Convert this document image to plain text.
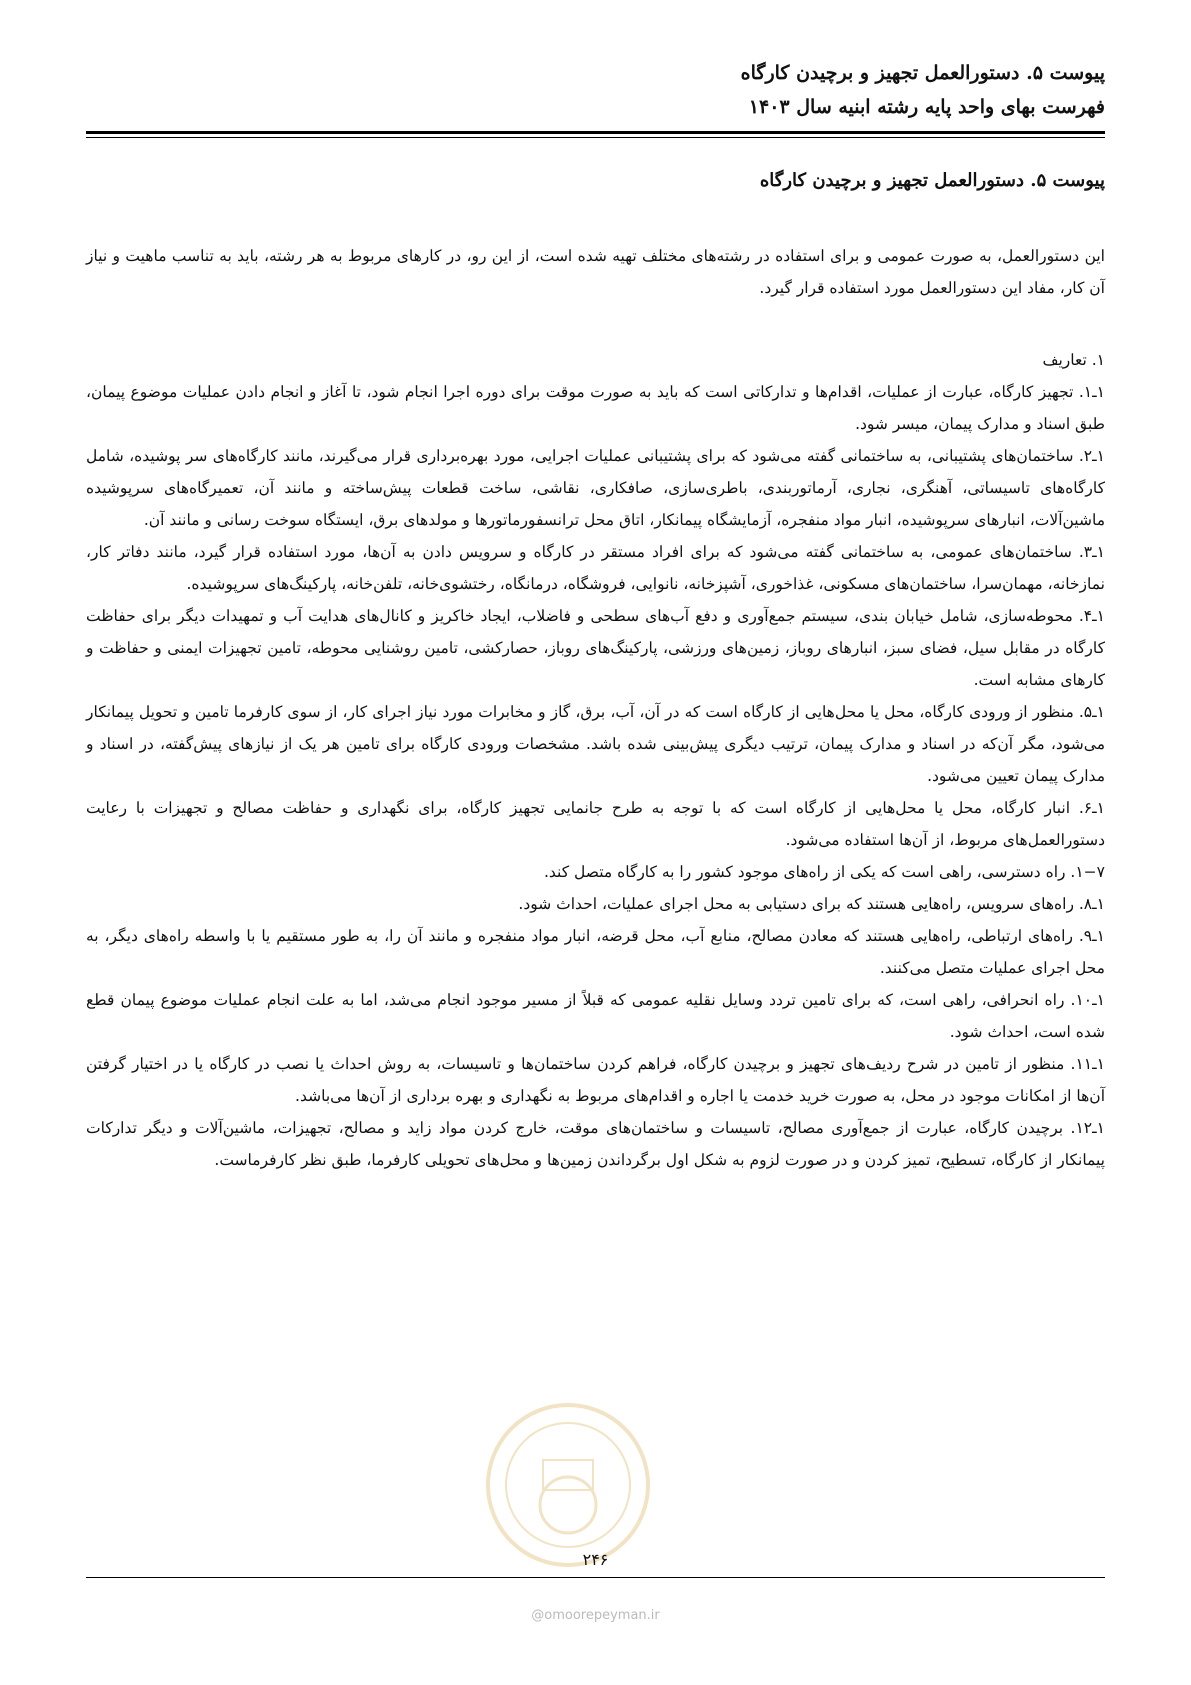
پیوست ۵. دستورالعمل تجهیز و برچیدن کارگاه
فهرست بهای واحد پایه رشته ابنیه سال ۱۴۰۳
پیوست ۵. دستورالعمل تجهیز و برچیدن کارگاه

این دستورالعمل، به صورت عمومی و برای استفاده در رشته‌های مختلف تهیه شده است، از این رو، در کارهای مربوط به هر رشته، باید به تناسب ماهیت و نیاز آن کار، مفاد این دستورالعمل مورد استفاده قرار گیرد.

۱. تعاریف

۱ـ۱. تجهیز کارگاه، عبارت از عملیات، اقدام‌ها و تدارکاتی است که باید به صورت موقت برای دوره اجرا انجام شود، تا آغاز و انجام دادن عملیات موضوع پیمان، طبق اسناد و مدارک پیمان، میسر شود.

۱ـ۲. ساختمان‌های پشتیبانی، به ساختمانی گفته می‌شود که برای پشتیبانی عملیات اجرایی، مورد بهره‌برداری قرار می‌گیرند، مانند کارگاه‌های سر پوشیده، شامل کارگاه‌های تاسیساتی، آهنگری، نجاری، آرماتوربندی، باطری‌سازی، صافکاری، نقاشی، ساخت قطعات پیش‌ساخته و مانند آن، تعمیرگاه‌های سرپوشیده ماشین‌آلات، انبارهای سرپوشیده، انبار مواد منفجره، آزمایشگاه پیمانکار، اتاق محل ترانسفورماتورها و مولدهای برق، ایستگاه سوخت رسانی و مانند آن.

۱ـ۳. ساختمان‌های عمومی، به ساختمانی گفته می‌شود که برای افراد مستقر در کارگاه و سرویس دادن به آن‌ها، مورد استفاده قرار گیرد، مانند دفاتر کار، نمازخانه، مهمان‌سرا، ساختمان‌های مسکونی، غذاخوری، آشپزخانه، نانوایی، فروشگاه، درمانگاه، رختشوی‌خانه، تلفن‌خانه، پارکینگ‌های سرپوشیده.

۱ـ۴. محوطه‌سازی، شامل خیابان بندی، سیستم جمع‌آوری و دفع آب‌های سطحی و فاضلاب، ایجاد خاکریز و کانال‌های هدایت آب و تمهیدات دیگر برای حفاظت کارگاه در مقابل سیل، فضای سبز، انبارهای روباز، زمین‌های ورزشی، پارکینگ‌های روباز، حصارکشی، تامین روشنایی محوطه، تامین تجهیزات ایمنی و حفاظت و کارهای مشابه است.

۱ـ۵. منظور از ورودی کارگاه، محل یا محل‌هایی از کارگاه است که در آن، آب، برق، گاز و مخابرات مورد نیاز اجرای کار، از سوی کارفرما تامین و تحویل پیمانکار می‌شود، مگر آن‌که در اسناد و مدارک پیمان، ترتیب دیگری پیش‌بینی شده باشد. مشخصات ورودی کارگاه برای تامین هر یک از نیازهای پیش‌گفته، در اسناد و مدارک پیمان تعیین می‌شود.

۱ـ۶. انبار کارگاه، محل یا محل‌هایی از کارگاه است که با توجه به طرح جانمایی تجهیز کارگاه، برای نگهداری و حفاظت مصالح و تجهیزات با رعایت دستورالعمل‌های مربوط، از آن‌ها استفاده می‌شود.

۱−۷. راه دسترسی، راهی است که یکی از راه‌های موجود کشور را به کارگاه متصل کند.

۱ـ۸. راه‌های سرویس، راه‌هایی هستند که برای دستیابی به محل اجرای عملیات، احداث شود.

۱ـ۹. راه‌های ارتباطی، راه‌هایی هستند که معادن مصالح، منابع آب، محل قرضه، انبار مواد منفجره و مانند آن را، به طور مستقیم یا با واسطه راه‌های دیگر، به محل اجرای عملیات متصل می‌کنند.

۱ـ۱۰. راه انحرافی، راهی است، که برای تامین تردد وسایل نقلیه عمومی که قبلاً از مسیر موجود انجام می‌شد، اما به علت انجام عملیات موضوع پیمان قطع شده است، احداث شود.

۱ـ۱۱. منظور از تامین در شرح ردیف‌های تجهیز و برچیدن کارگاه، فراهم کردن ساختمان‌ها و تاسیسات، به روش احداث یا نصب در کارگاه یا در اختیار گرفتن آن‌ها از امکانات موجود در محل، به صورت خرید خدمت یا اجاره و اقدام‌های مربوط به نگهداری و بهره برداری از آن‌ها می‌باشد.

۱ـ۱۲. برچیدن کارگاه، عبارت از جمع‌آوری مصالح، تاسیسات و ساختمان‌های موقت، خارج کردن مواد زاید و مصالح، تجهیزات، ماشین‌آلات و دیگر تدارکات پیمانکار از کارگاه، تسطیح، تمیز کردن و در صورت لزوم به شکل اول برگرداندن زمین‌ها و محل‌های تحویلی کارفرما، طبق نظر کارفرماست.

۲۴۶
@omoorepeyman.ir
